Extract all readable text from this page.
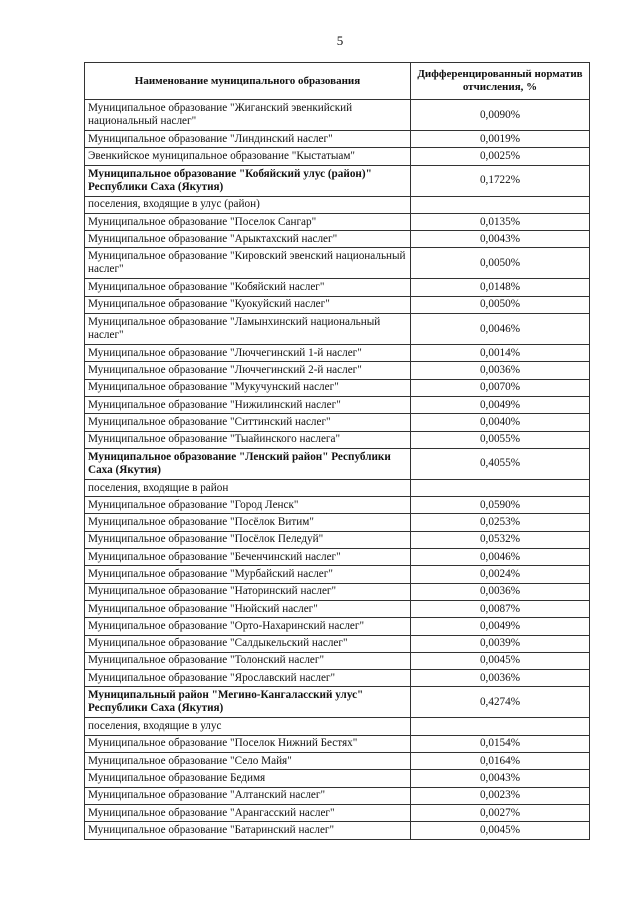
5
Наименование муниципального образования	Дифференцированный норматив отчисления, %
Муниципальное образование "Жиганский эвенкийский национальный наслег"	0,0090%
Муниципальное образование "Линдинский наслег"	0,0019%
Эвенкийское муниципальное образование "Кыстатыам"	0,0025%
Муниципальное образование "Кобяйский улус (район)" Республики Саха (Якутия)	0,1722%
поселения, входящие в улус (район)	
Муниципальное образование "Поселок Сангар"	0,0135%
Муниципальное образование "Арыктахский наслег"	0,0043%
Муниципальное образование "Кировский эвенский национальный наслег"	0,0050%
Муниципальное образование "Кобяйский наслег"	0,0148%
Муниципальное образование "Куокуйский наслег"	0,0050%
Муниципальное образование "Ламынхинский национальный наслег"	0,0046%
Муниципальное образование "Люччегинский 1-й наслег"	0,0014%
Муниципальное образование "Люччегинский 2-й наслег"	0,0036%
Муниципальное образование "Мукучунский наслег"	0,0070%
Муниципальное образование "Нижилинский наслег"	0,0049%
Муниципальное образование "Ситтинский наслег"	0,0040%
Муниципальное образование "Тыайинского наслега"	0,0055%
Муниципальное образование "Ленский район" Республики Саха (Якутия)	0,4055%
поселения, входящие в район	
Муниципальное образование "Город Ленск"	0,0590%
Муниципальное образование "Посёлок Витим"	0,0253%
Муниципальное образование "Посёлок Пеледуй"	0,0532%
Муниципальное образование "Беченчинский наслег"	0,0046%
Муниципальное образование "Мурбайский наслег"	0,0024%
Муниципальное образование "Наторинский наслег"	0,0036%
Муниципальное образование "Нюйский наслег"	0,0087%
Муниципальное образование "Орто-Нахаринский наслег"	0,0049%
Муниципальное образование "Салдыкельский наслег"	0,0039%
Муниципальное образование "Толонский наслег"	0,0045%
Муниципальное образование "Ярославский наслег"	0,0036%
Муниципальный район "Мегино-Кангаласский улус" Республики Саха (Якутия)	0,4274%
поселения, входящие в улус	
Муниципальное образование "Поселок Нижний Бестях"	0,0154%
Муниципальное образование "Село Майя"	0,0164%
Муниципальное образование Бедимя	0,0043%
Муниципальное образование "Алтанский наслег"	0,0023%
Муниципальное образование "Арангасский наслег"	0,0027%
Муниципальное образование "Батаринский наслег"	0,0045%
